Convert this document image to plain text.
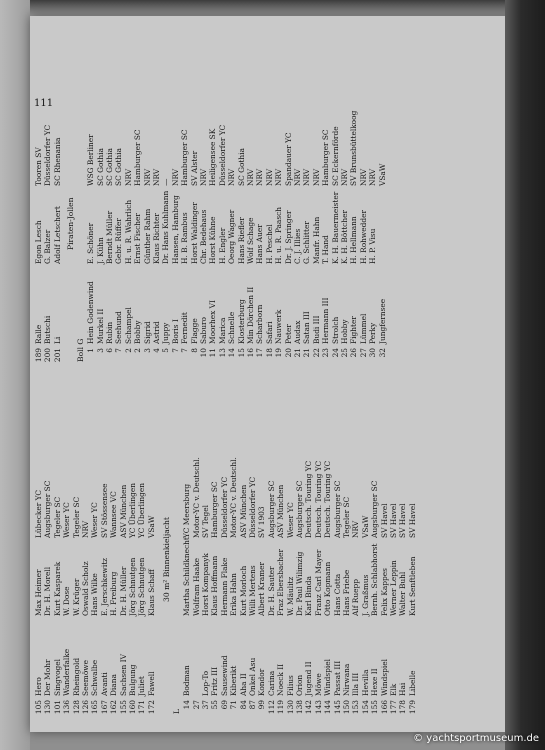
105
Hero
Max Heimer
Lübecker YC
130
Der Mohr
Dr. H. Morell
Augsburger SC
101
Singvogel
Kurt Kasparek
Tegeler SC
136
Wanderfalke
W. Dose
Weser YC
128
Rheingold
W. Krüger
Tegeler SC
126
Seemöwe
Oswald Scholz
NRV
165
Schwalbe
Hans Wilke
Weser YC
167
Avanti
E. Jerschkewitz
SV Stössensee
162
Diana
H. Freiburg
Wannsee VC
155
Sachsen IV
Dr. H. Müller
ASV München
160
Bulgung
Jörg Schnutgen
YC Überlingen
171
Juliet
Jörg Schnutgen
YC Überlingen
172
Fawell
Klaus Schaff
VSaW 30 m² Binnenkieljacht
L
14
Bodman
Martha Schildknecht
YC Meersburg
27
Wolfram Haake
Motor-YC v. Deutschl.
37
Lop-To
Horst Kompanyk
SV Tegel
55
Fritz III
Klaus Hoffmann
Hamburger SC
69
Sausewind
Hermann Flake
Düsseldorfer YC
71
Kiberikt
Erika Hahn
Motor-YC v. Deutschl.
84
Aha II
Kurt Morloch
ASV München
87
Onkel Asu
Willi Mertens
Düsseldorfer YC
99
Kondor
Albert Kramer
SV 1903
112
Carina
Dr. H. Sauter
Augsburger SC
119
Noeck II
Fraz Ebersbacher
ASV München
130
Filius
W. Mäulitz
Weser YC
138
Orion
Dr. Paul Wilimzig
Augsburger SC
142
Jugend II
Karl Binda
Deutsch. Touring YC
143
Möwe
Franz Carl Mayer
Deutsch. Touring YC
144
Windspiel
Otto Kopmann
Deutsch. Touring YC
145
Passat III
Hans Cotta
Augsburger SC
150
Nirwana
Hans Friebe
Tegeler SC
153
Illa III
Alf Ruepp
NRV
154
Hevilla
J. Graßmus
VSaW
155
Hexe II
Bernh. Schlabhorst
Augsburger SC
166
Windspiel
Felix Kappes
SV Havel
177
Elk
Werner Leppin
SV Havel
178
Hai
Walter Buhl
SV Havel
179
Libelle
Kurt Senftleben
SV Havel
189
Ralle
Egon Lesch
Tooren SV
200
Butschi
G. Balzer
Düsseldorfer YC
201
Li
Adolf Letschert
SC Rhenania
Piraten-Jollen
Boll G 1
Hein Godenwind
E. Schöner
WSG Berliner
3
Murkel II
J. Kühn
SC Gothia
6
Rubin
Berndt Müller
SC Gothia
7
Seehund
Gebr. Rüffer
SC Gothia
2
Schampel
H. u. R. Wahrlich
NRV
2
Bobby
Ernst Fischer
Hamburger SC
3
Sigrid
Günther Rahm
NRV
4
Astrid
Klaus Richter
NRV
5
Juppy
Dr. Hans Kuhlmann
—
7
Boris I
Hansen, Hamburg
NRV
7
Fernedit
H. B. Rambus
Hamburger SC
8
Flagge
Horst Waldinger
SV Alster
10
Saburo
Chr. Bedehaus
NRV
11
Moorhex VI
Horst Kühne
Heiligensee SK
13
Marica
H. Engler
Düsseldorfer YC
14
Schnelle
Oeorg Wagner
NRV
15
Klosterburg
Hans Riefler
SC Gothia
16
Min Dörchen II
Wolf Schage
NRV
17
Scharborn
Hans Auer
NRV
18
Safari
H. Peschel
NRV
19
Nauwerk
H. u. R. Paasch
NRV
20
Peter
Dr. J. Springer
Spandauer YC
21
Audax
C. J. Illies
NRV
21
Satan III
G. Schlitter
NRV
22
Budi III
Manfr. Hahn
NRV
23
Hermann III
T. Hand
Hamburger SC
24
Strolch
K. H. Bauermeister
SC Eckernförde
25
Hobby
K. H. Böttcher
NRV
26
Fighter
H. Hellmann
SV Brunsbüttelkoog
27
Lümmel
H. Rohwedder
NRV
30
Perky
H. P. Visu
NRV
32
Jungfernsee
VSaW
111
© yachtsportmuseum.de
